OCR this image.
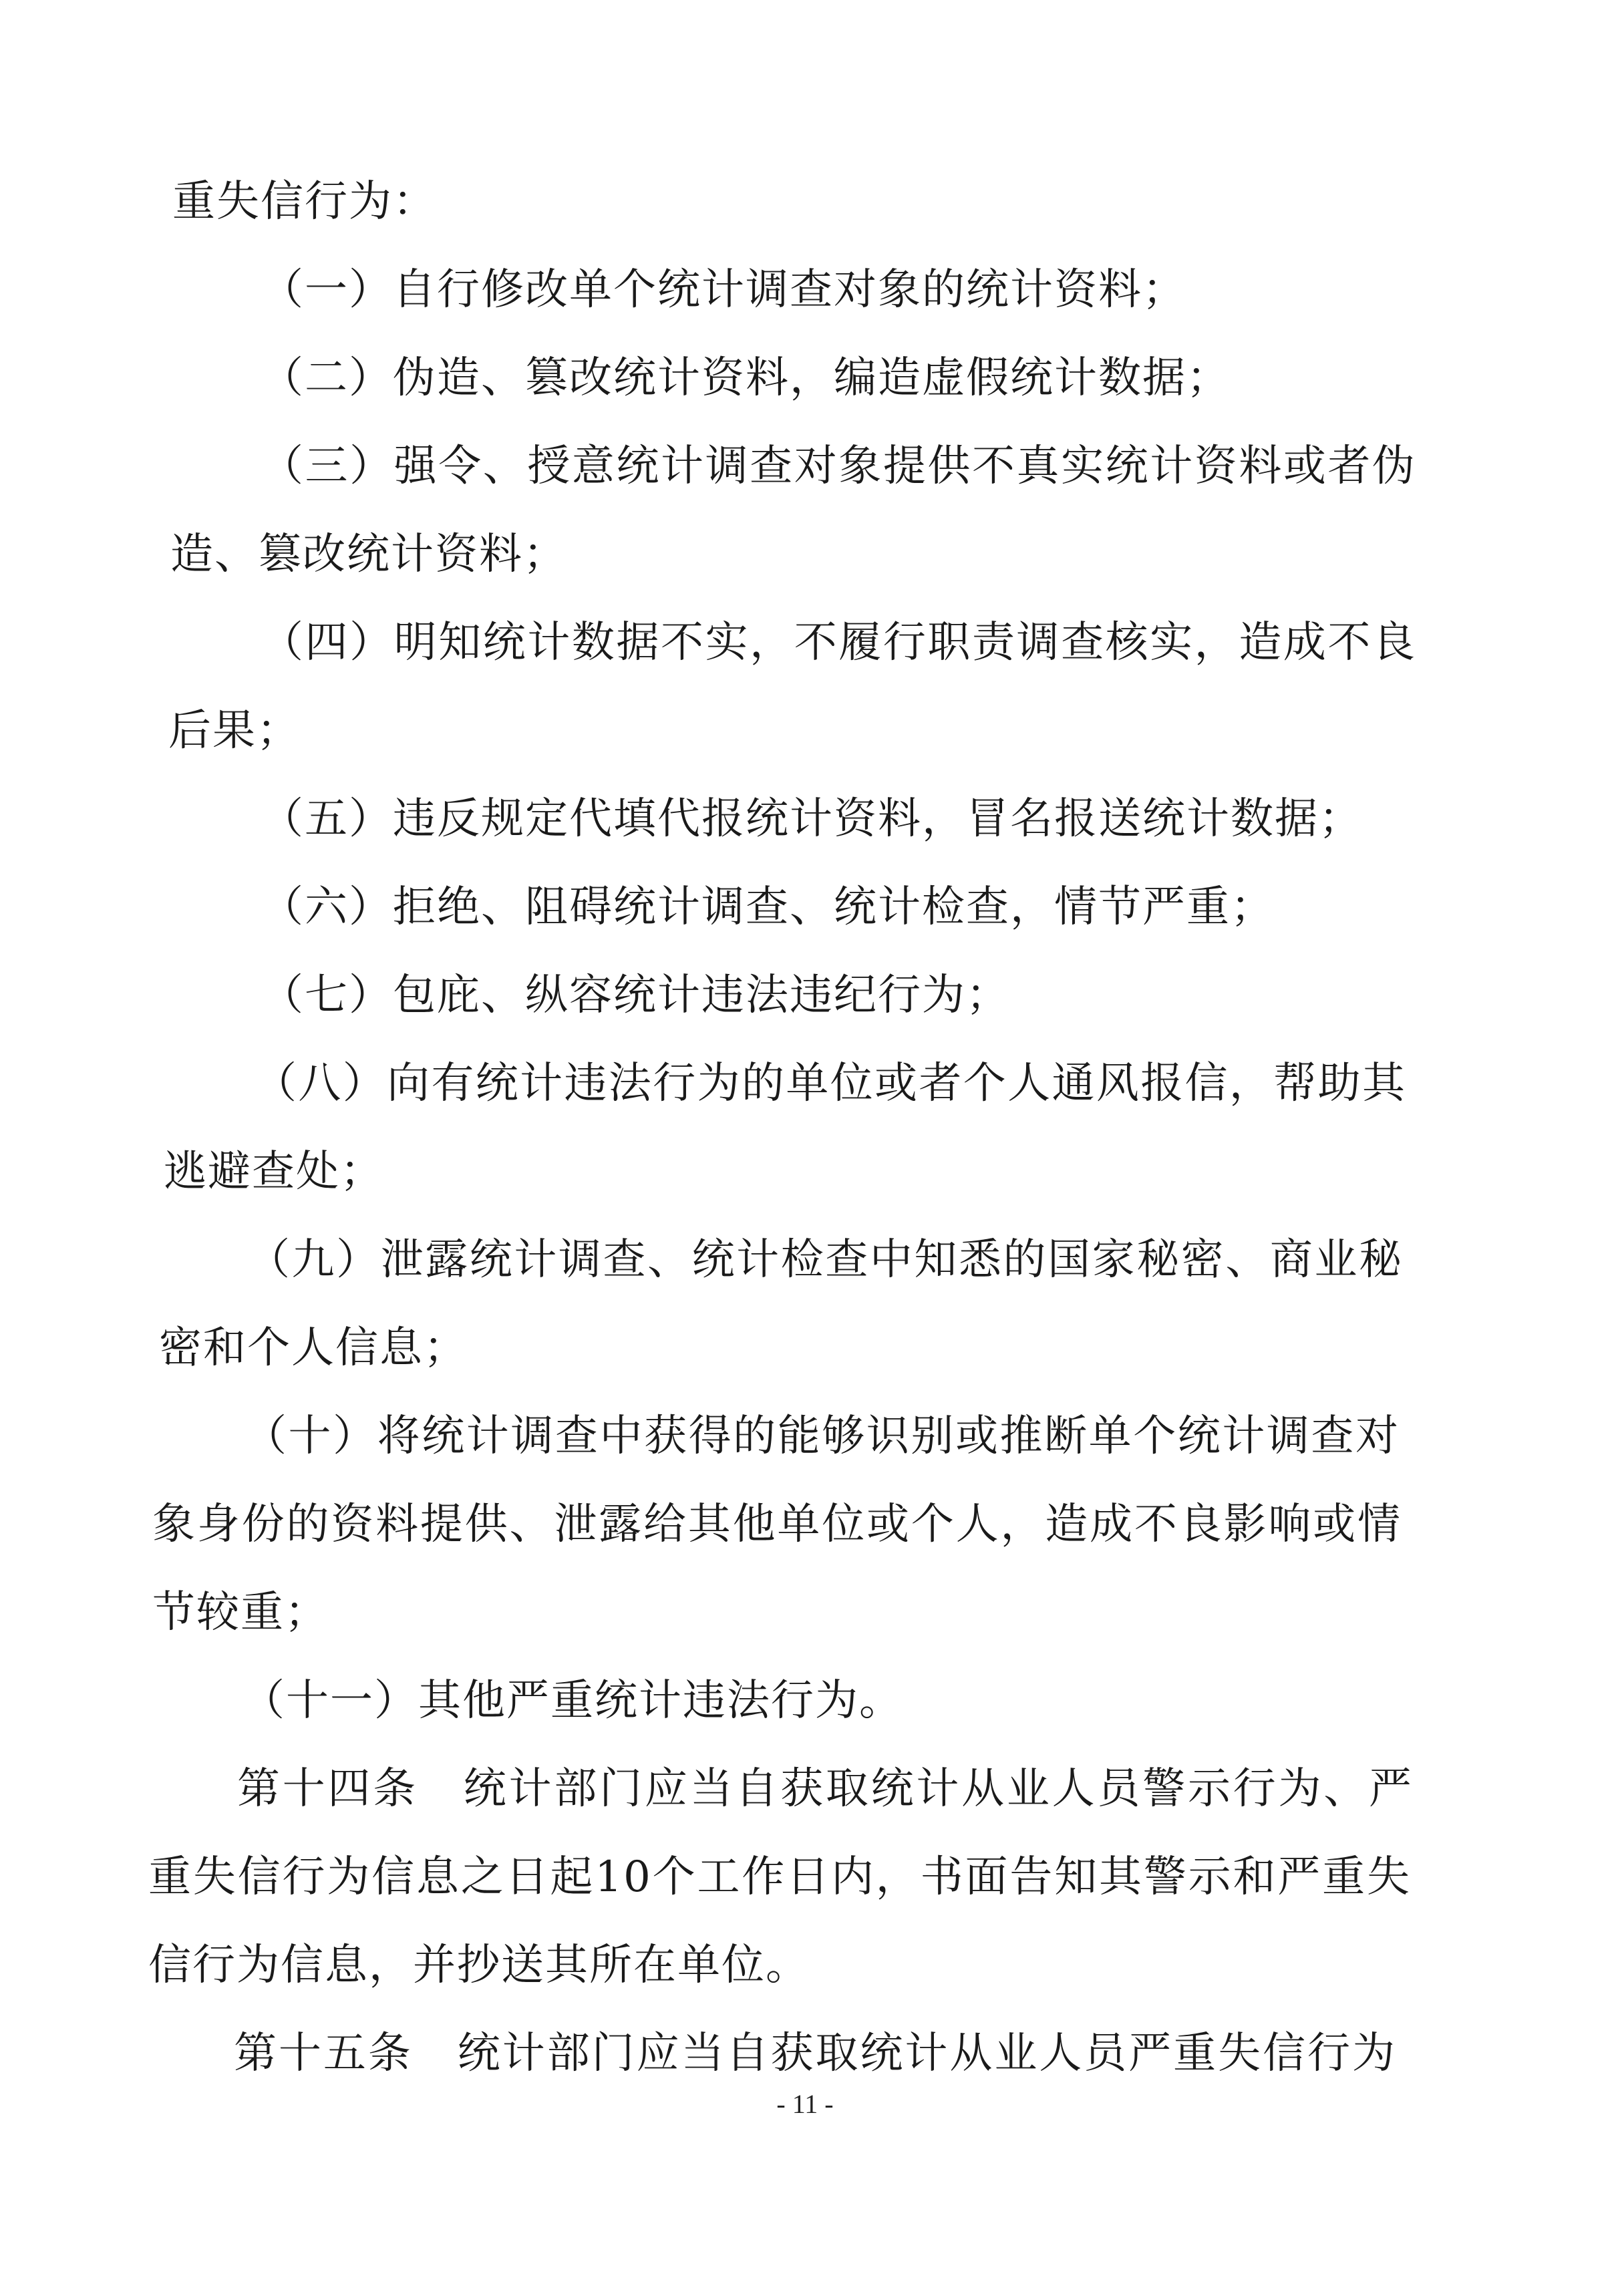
重失信行为：
（一）自行修改单个统计调查对象的统计资料；
（二）伪造、篡改统计资料，编造虚假统计数据；
（三）强令、授意统计调查对象提供不真实统计资料或者伪
造、篡改统计资料；
（四）明知统计数据不实，不履行职责调查核实，造成不良
后果；
（五）违反规定代填代报统计资料，冒名报送统计数据；
（六）拒绝、阻碍统计调查、统计检查，情节严重；
（七）包庇、纵容统计违法违纪行为；
（八）向有统计违法行为的单位或者个人通风报信，帮助其
逃避查处；
（九）泄露统计调查、统计检查中知悉的国家秘密、商业秘
密和个人信息；
（十）将统计调查中获得的能够识别或推断单个统计调查对
象身份的资料提供、泄露给其他单位或个人，造成不良影响或情
节较重；
（十一）其他严重统计违法行为。
第十四条　统计部门应当自获取统计从业人员警示行为、严
重失信行为信息之日起10个工作日内，书面告知其警示和严重失
信行为信息，并抄送其所在单位。
第十五条　统计部门应当自获取统计从业人员严重失信行为
- 11 -
